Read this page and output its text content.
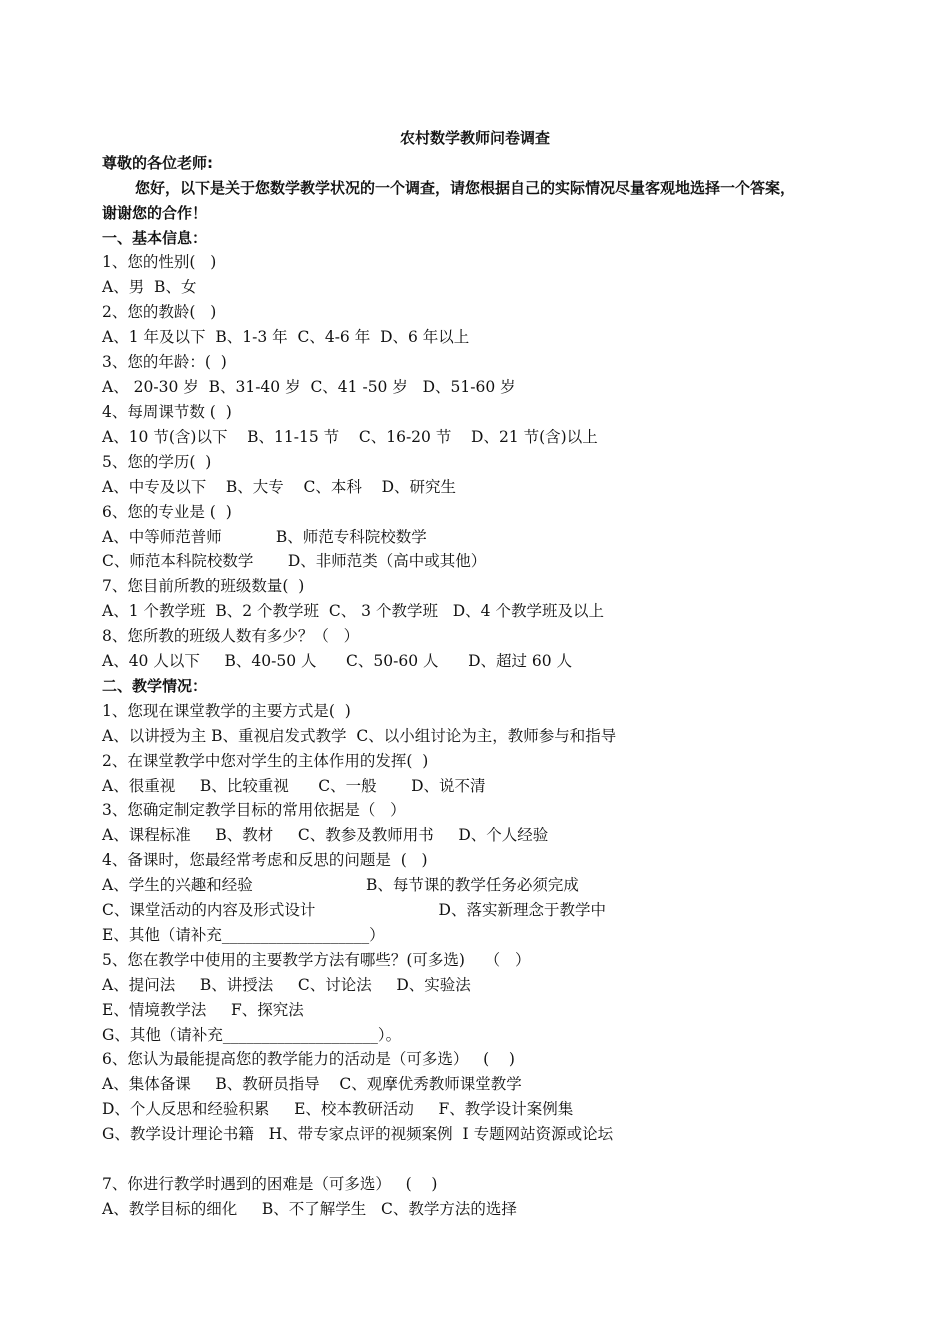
农村数学教师问卷调查
尊敬的各位老师:
您好，以下是关于您数学教学状况的一个调查，请您根据自己的实际情况尽量客观地选择一个答案，
谢谢您的合作！
一、基本信息：
1、您的性别(   )
A、男  B、女
2、您的教龄(   )
A、1 年及以下  B、1-3 年  C、4-6 年  D、6 年以上
3、您的年龄：(  )
A、 20-30 岁  B、31-40 岁  C、41 -50 岁   D、51-60 岁
4、每周课节数 (  )
A、10 节(含)以下    B、11-15 节    C、16-20 节    D、21 节(含)以上
5、您的学历(  )
A、中专及以下    B、大专    C、本科    D、研究生
6、您的专业是 (  )
A、中等师范普师           B、师范专科院校数学
C、师范本科院校数学       D、非师范类（高中或其他）
7、您目前所教的班级数量(  )
A、1 个教学班  B、2 个教学班  C、 3 个教学班   D、4 个教学班及以上
8、您所教的班级人数有多少？（   ）
A、40 人以下     B、40-50 人      C、50-60 人      D、超过 60 人
二、教学情况：
1、您现在课堂教学的主要方式是(  )
A、以讲授为主 B、重视启发式教学  C、以小组讨论为主，教师参与和指导
2、在课堂教学中您对学生的主体作用的发挥(  )
A、很重视     B、比较重视      C、一般       D、说不清
3、您确定制定教学目标的常用依据是（   ）
A、课程标准     B、教材     C、教参及教师用书     D、个人经验
4、备课时，您最经常考虑和反思的问题是  (   )
A、学生的兴趣和经验                       B、每节课的教学任务必须完成
C、课堂活动的内容及形式设计                         D、落实新理念于教学中
E、其他（请补充___________________）
5、您在教学中使用的主要教学方法有哪些？(可多选)    （   ）
A、提问法     B、讲授法     C、讨论法     D、实验法
E、情境教学法     F、探究法
G、其他（请补充____________________）。
6、您认为最能提高您的教学能力的活动是（可多选）   (    )
A、集体备课     B、教研员指导    C、观摩优秀教师课堂教学
D、个人反思和经验积累     E、校本教研活动     F、教学设计案例集
G、教学设计理论书籍   H、带专家点评的视频案例  I 专题网站资源或论坛
7、你进行教学时遇到的困难是（可多选）   (    )
A、教学目标的细化     B、不了解学生   C、教学方法的选择
